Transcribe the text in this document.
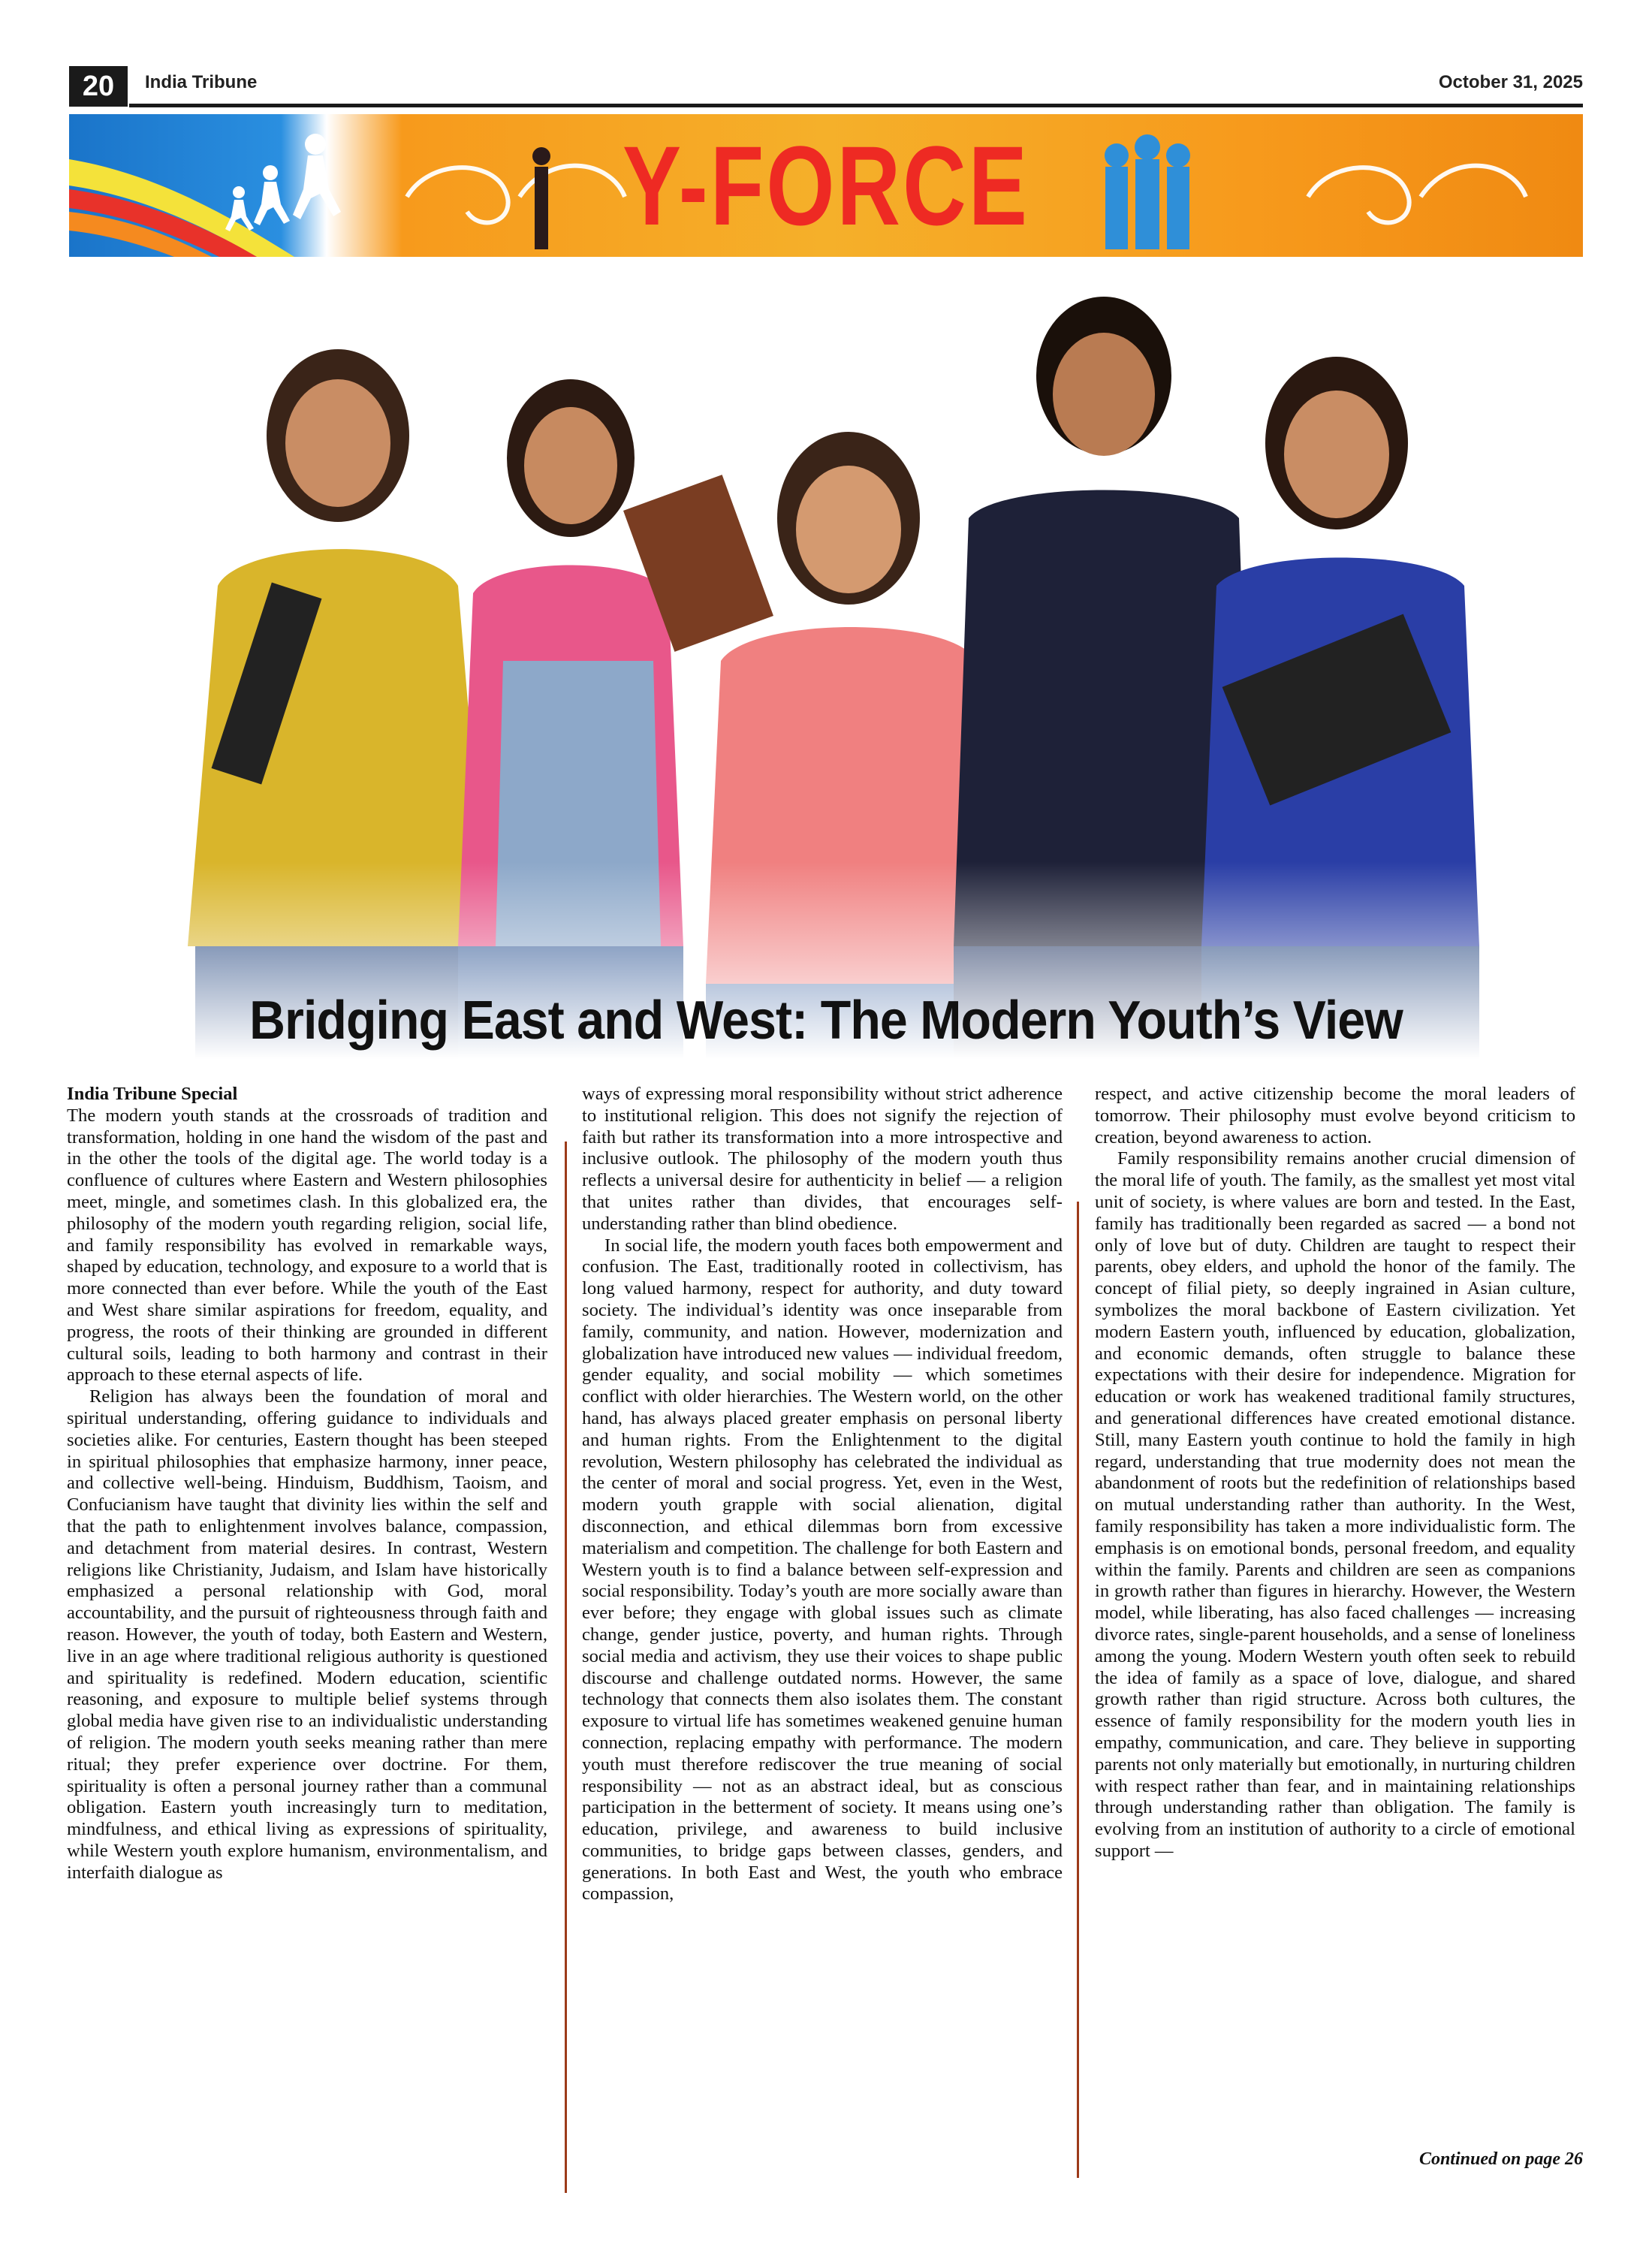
20	India Tribune	October 31, 2025
Y-FORCE
Bridging East and West: The Modern Youth’s View
India Tribune Special

The modern youth stands at the crossroads of tradition and transformation, holding in one hand the wisdom of the past and in the other the tools of the digital age. The world today is a confluence of cultures where Eastern and Western philosophies meet, mingle, and sometimes clash. In this globalized era, the philosophy of the modern youth regarding religion, social life, and family responsibility has evolved in remarkable ways, shaped by education, technology, and exposure to a world that is more connected than ever before. While the youth of the East and West share similar aspirations for freedom, equality, and progress, the roots of their thinking are grounded in different cultural soils, leading to both harmony and contrast in their approach to these eternal aspects of life.

Religion has always been the foundation of moral and spiritual understanding, offering guidance to individuals and societies alike. For centuries, Eastern thought has been steeped in spiritual philosophies that emphasize harmony, inner peace, and collective well-being. Hinduism, Buddhism, Taoism, and Confucianism have taught that divinity lies within the self and that the path to enlightenment involves balance, compassion, and detachment from material desires. In contrast, Western religions like Christianity, Judaism, and Islam have historically emphasized a personal relationship with God, moral accountability, and the pursuit of righteousness through faith and reason. However, the youth of today, both Eastern and Western, live in an age where traditional religious authority is questioned and spirituality is redefined. Modern education, scientific reasoning, and exposure to multiple belief systems through global media have given rise to an individualistic understanding of religion. The modern youth seeks meaning rather than mere ritual; they prefer experience over doctrine. For them, spirituality is often a personal journey rather than a communal obligation. Eastern youth increasingly turn to meditation, mindfulness, and ethical living as expressions of spirituality, while Western youth explore humanism, environmentalism, and interfaith dialogue as

ways of expressing moral responsibility without strict adherence to institutional religion. This does not signify the rejection of faith but rather its transformation into a more introspective and inclusive outlook. The philosophy of the modern youth thus reflects a universal desire for authenticity in belief — a religion that unites rather than divides, that encourages self-understanding rather than blind obedience.

In social life, the modern youth faces both empowerment and confusion. The East, traditionally rooted in collectivism, has long valued harmony, respect for authority, and duty toward society. The individual’s identity was once inseparable from family, community, and nation. However, modernization and globalization have introduced new values — individual freedom, gender equality, and social mobility — which sometimes conflict with older hierarchies. The Western world, on the other hand, has always placed greater emphasis on personal liberty and human rights. From the Enlightenment to the digital revolution, Western philosophy has celebrated the individual as the center of moral and social progress. Yet, even in the West, modern youth grapple with social alienation, digital disconnection, and ethical dilemmas born from excessive materialism and competition. The challenge for both Eastern and Western youth is to find a balance between self-expression and social responsibility. Today’s youth are more socially aware than ever before; they engage with global issues such as climate change, gender justice, poverty, and human rights. Through social media and activism, they use their voices to shape public discourse and challenge outdated norms. However, the same technology that connects them also isolates them. The constant exposure to virtual life has sometimes weakened genuine human connection, replacing empathy with performance. The modern youth must therefore rediscover the true meaning of social responsibility — not as an abstract ideal, but as conscious participation in the betterment of society. It means using one’s education, privilege, and awareness to build inclusive communities, to bridge gaps between classes, genders, and generations. In both East and West, the youth who embrace compassion,

respect, and active citizenship become the moral leaders of tomorrow. Their philosophy must evolve beyond criticism to creation, beyond awareness to action.

Family responsibility remains another crucial dimension of the moral life of youth. The family, as the smallest yet most vital unit of society, is where values are born and tested. In the East, family has traditionally been regarded as sacred — a bond not only of love but of duty. Children are taught to respect their parents, obey elders, and uphold the honor of the family. The concept of filial piety, so deeply ingrained in Asian culture, symbolizes the moral backbone of Eastern civilization. Yet modern Eastern youth, influenced by education, globalization, and economic demands, often struggle to balance these expectations with their desire for independence. Migration for education or work has weakened traditional family structures, and generational differences have created emotional distance. Still, many Eastern youth continue to hold the family in high regard, understanding that true modernity does not mean the abandonment of roots but the redefinition of relationships based on mutual understanding rather than authority. In the West, family responsibility has taken a more individualistic form. The emphasis is on emotional bonds, personal freedom, and equality within the family. Parents and children are seen as companions in growth rather than figures in hierarchy. However, the Western model, while liberating, has also faced challenges — increasing divorce rates, single-parent households, and a sense of loneliness among the young. Modern Western youth often seek to rebuild the idea of family as a space of love, dialogue, and shared growth rather than rigid structure. Across both cultures, the essence of family responsibility for the modern youth lies in empathy, communication, and care. They believe in supporting parents not only materially but emotionally, in nurturing children with respect rather than fear, and in maintaining relationships through understanding rather than obligation. The family is evolving from an institution of authority to a circle of emotional support —

Continued on page 26
